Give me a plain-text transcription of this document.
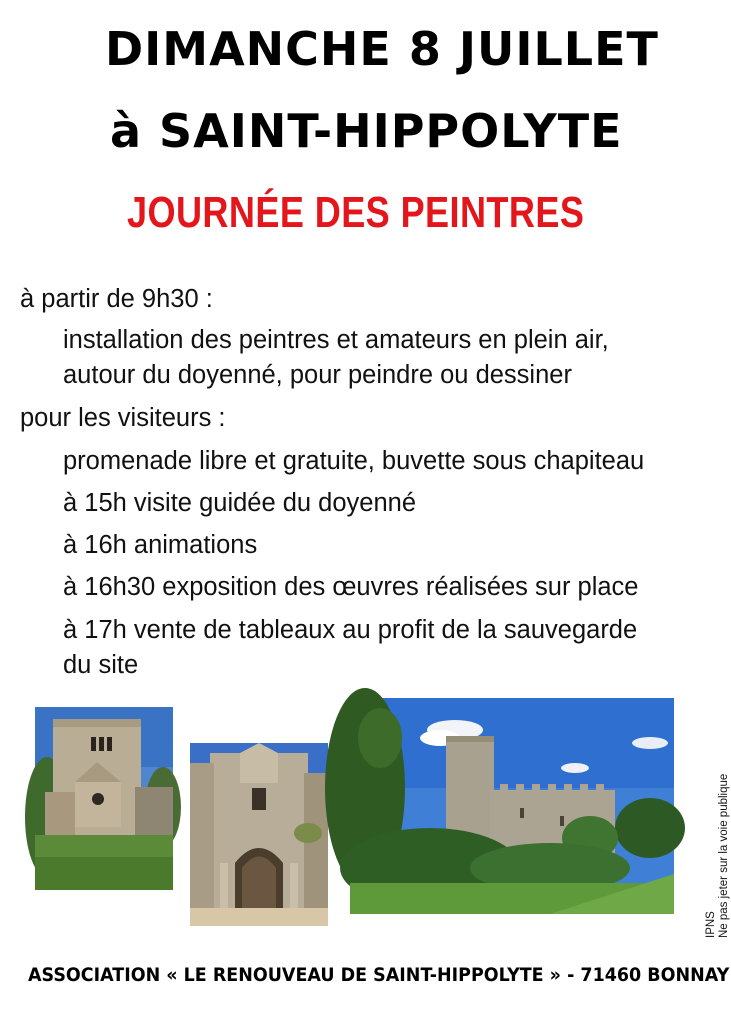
DIMANCHE 8 JUILLET
à SAINT-HIPPOLYTE
JOURNÉE DES PEINTRES
à partir de 9h30 :
installation des peintres et amateurs en plein air,
autour du doyenné, pour peindre ou dessiner
pour les visiteurs :
promenade libre et gratuite, buvette sous chapiteau
à 15h visite guidée du doyenné
à 16h animations
à 16h30 exposition des œuvres réalisées sur place
à 17h vente de tableaux au profit de la sauvegarde
du site
IPNS Ne pas jeter sur la voie publique
ASSOCIATION « LE RENOUVEAU DE SAINT-HIPPOLYTE » - 71460 BONNAY
